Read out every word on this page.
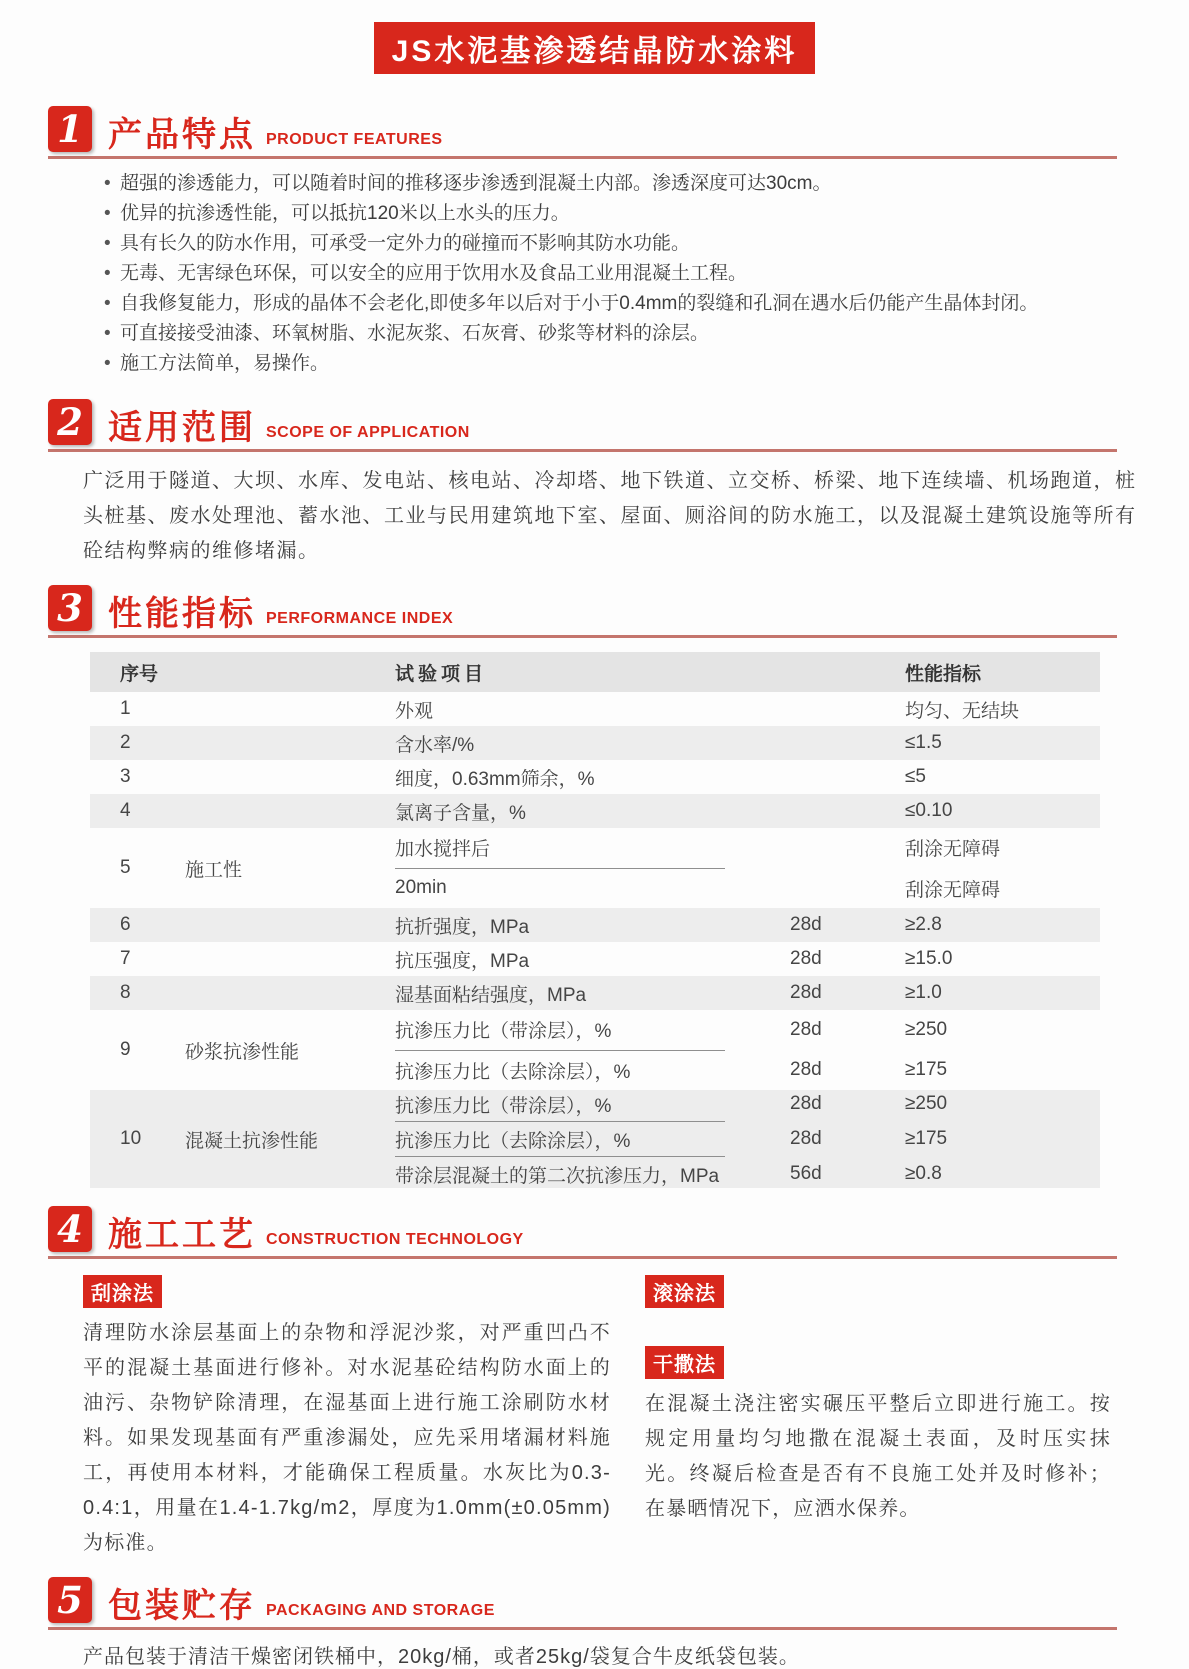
JS水泥基渗透结晶防水涂料
1 产品特点 PRODUCT FEATURES
• 超强的渗透能力，可以随着时间的推移逐步渗透到混凝土内部。渗透深度可达30cm。
• 优异的抗渗透性能，可以抵抗120米以上水头的压力。
• 具有长久的防水作用，可承受一定外力的碰撞而不影响其防水功能。
• 无毒、无害绿色环保，可以安全的应用于饮用水及食品工业用混凝土工程。
• 自我修复能力，形成的晶体不会老化,即使多年以后对于小于0.4mm的裂缝和孔洞在遇水后仍能产生晶体封闭。
• 可直接接受油漆、环氧树脂、水泥灰浆、石灰膏、砂浆等材料的涂层。
• 施工方法简单，易操作。
2 适用范围 SCOPE OF APPLICATION

广泛用于隧道、大坝、水库、发电站、核电站、冷却塔、地下铁道、立交桥、桥梁、地下连续墙、机场跑道，桩头桩基、废水处理池、蓄水池、工业与民用建筑地下室、屋面、厕浴间的防水施工，以及混凝土建筑设施等所有砼结构弊病的维修堵漏。

3 性能指标 PERFORMANCE INDEX
序号	试验项目	性能指标
1	外观	均匀、无结块
2	含水率/%	≤1.5
3	细度，0.63mm筛余，%	≤5
4	氯离子含量，%	≤0.10
5	施工性
加水搅拌后	刮涂无障碍
20min	刮涂无障碍
6	抗折强度，MPa	28d	≥2.8
7	抗压强度，MPa	28d	≥15.0
8	湿基面粘结强度，MPa	28d	≥1.0
9	砂浆抗渗性能
抗渗压力比（带涂层），%	28d	≥250
抗渗压力比（去除涂层），%	28d	≥175
10	混凝土抗渗性能
抗渗压力比（带涂层），%	28d	≥250
抗渗压力比（去除涂层），%	28d	≥175
带涂层混凝土的第二次抗渗压力，MPa	56d	≥0.8
4 施工工艺 CONSTRUCTION TECHNOLOGY
刮涂法

清理防水涂层基面上的杂物和浮泥沙浆，对严重凹凸不平的混凝土基面进行修补。对水泥基砼结构防水面上的油污、杂物铲除清理，在湿基面上进行施工涂刷防水材料。如果发现基面有严重渗漏处，应先采用堵漏材料施工，再使用本材料，才能确保工程质量。水灰比为0.3-0.4:1，用量在1.4-1.7kg/m2，厚度为1.0mm(±0.05mm)为标准。

滚涂法
干撒法

在混凝土浇注密实碾压平整后立即进行施工。按规定用量均匀地撒在混凝土表面，及时压实抹光。终凝后检查是否有不良施工处并及时修补；在暴晒情况下，应洒水保养。

5 包装贮存 PACKAGING AND STORAGE

产品包装于清洁干燥密闭铁桶中，20kg/桶，或者25kg/袋复合牛皮纸袋包装。
